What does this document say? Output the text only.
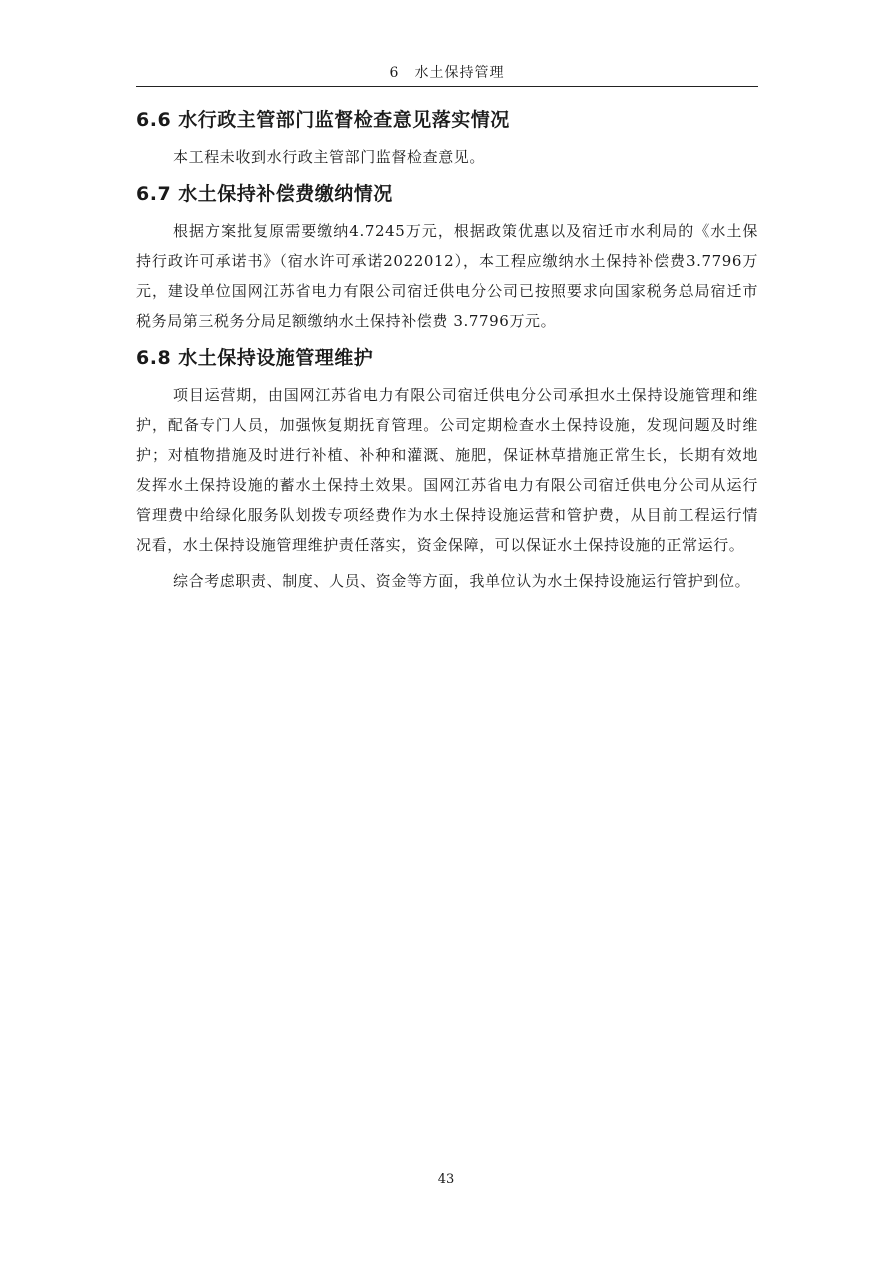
6　水土保持管理
6.6 水行政主管部门监督检查意见落实情况

本工程未收到水行政主管部门监督检查意见。

6.7 水土保持补偿费缴纳情况

根据方案批复原需要缴纳4.7245万元，根据政策优惠以及宿迁市水利局的《水土保持行政许可承诺书》（宿水许可承诺2022012），本工程应缴纳水土保持补偿费3.7796万元，建设单位国网江苏省电力有限公司宿迁供电分公司已按照要求向国家税务总局宿迁市税务局第三税务分局足额缴纳水土保持补偿费 3.7796万元。

6.8 水土保持设施管理维护

项目运营期，由国网江苏省电力有限公司宿迁供电分公司承担水土保持设施管理和维护，配备专门人员，加强恢复期抚育管理。公司定期检查水土保持设施，发现问题及时维护；对植物措施及时进行补植、补种和灌溉、施肥，保证林草措施正常生长，长期有效地发挥水土保持设施的蓄水土保持土效果。国网江苏省电力有限公司宿迁供电分公司从运行管理费中给绿化服务队划拨专项经费作为水土保持设施运营和管护费，从目前工程运行情况看，水土保持设施管理维护责任落实，资金保障，可以保证水土保持设施的正常运行。

综合考虑职责、制度、人员、资金等方面，我单位认为水土保持设施运行管护到位。

43
